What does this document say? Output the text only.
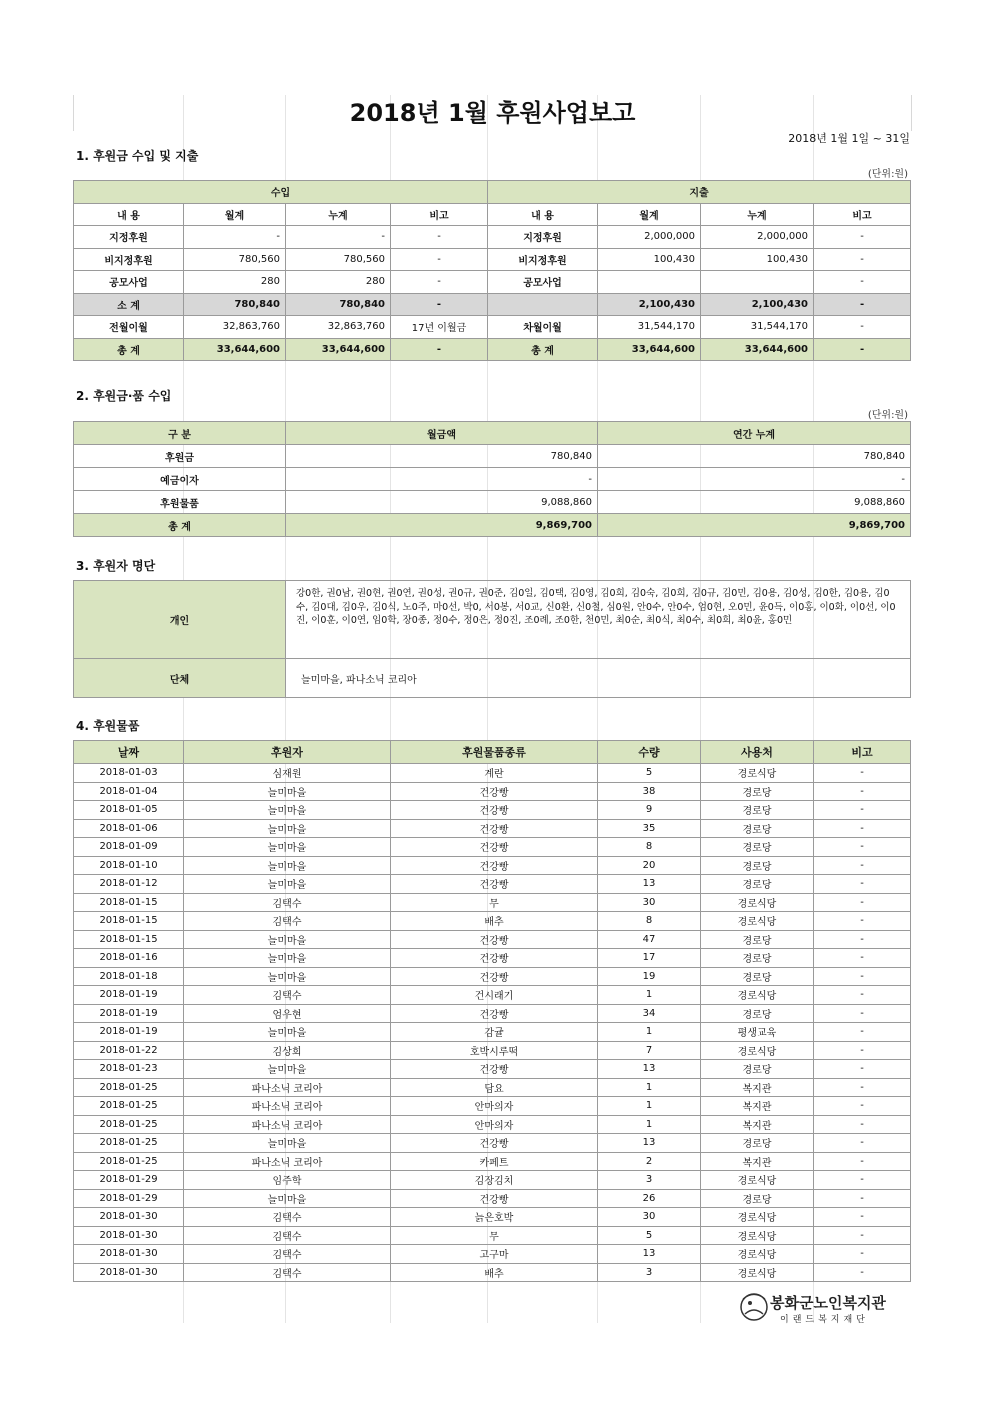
2018년 1월 후원사업보고
2018년 1월 1일 ~ 31일
1. 후원금 수입 및 지출
(단위:원)
수입				지출			
내 용	월계	누계	비고	내 용	월계	누계	비고
지정후원	-	-	-	지정후원	2,000,000	2,000,000	-
비지정후원	780,560	780,560	-	비지정후원	100,430	100,430	-
공모사업	280	280	-	공모사업			-
소 계	780,840	780,840	-		2,100,430	2,100,430	-
전월이월	32,863,760	32,863,760	17년 이월금	차월이월	31,544,170	31,544,170	-
총 계	33,644,600	33,644,600	-	총 계	33,644,600	33,644,600	-
2. 후원금·품 수입
(단위:원)
구 분	월금액	연간 누계
후원금	780,840	780,840
예금이자	-	-
후원물품	9,088,860	9,088,860
총 계	9,869,700	9,869,700
3. 후원자 명단
개인	강0한, 권0남, 권0현, 권0연, 권0성, 권0규, 권0준, 김0일, 김0택, 김0영, 김0희, 김0숙, 김0희, 김0규, 김0민, 김0용, 김0성, 김0한, 김0용, 김0수, 김0대, 김0우, 김0식, 노0주, 마0선, 박0, 서0봉, 서0교, 신0환, 신0철, 심0원, 안0수, 안0수, 엄0현, 오0민, 윤0득, 이0홍, 이0화, 이0선, 이0진, 이0훈, 이0연, 임0학, 장0종, 정0수, 정0은, 정0진, 조0례, 조0한, 천0민, 최0순, 최0식, 최0수, 최0희, 최0윤, 홍0민
단체	늘미마을, 파나소닉 코리아
4. 후원물품
날짜	후원자	후원물품종류	수량	사용처	비고
2018-01-03	심재원	계란	5	경로식당	-
2018-01-04	늘미마을	건강빵	38	경로당	-
2018-01-05	늘미마을	건강빵	9	경로당	-
2018-01-06	늘미마을	건강빵	35	경로당	-
2018-01-09	늘미마을	건강빵	8	경로당	-
2018-01-10	늘미마을	건강빵	20	경로당	-
2018-01-12	늘미마을	건강빵	13	경로당	-
2018-01-15	김택수	무	30	경로식당	-
2018-01-15	김택수	배추	8	경로식당	-
2018-01-15	늘미마을	건강빵	47	경로당	-
2018-01-16	늘미마을	건강빵	17	경로당	-
2018-01-18	늘미마을	건강빵	19	경로당	-
2018-01-19	김택수	건시래기	1	경로식당	-
2018-01-19	엄우현	건강빵	34	경로당	-
2018-01-19	늘미마을	감귤	1	평생교육	-
2018-01-22	김상희	호박시루떡	7	경로식당	-
2018-01-23	늘미마을	건강빵	13	경로당	-
2018-01-25	파나소닉 코리아	담요	1	복지관	-
2018-01-25	파나소닉 코리아	안마의자	1	복지관	-
2018-01-25	파나소닉 코리아	안마의자	1	복지관	-
2018-01-25	늘미마을	건강빵	13	경로당	-
2018-01-25	파나소닉 코리아	카페트	2	복지관	-
2018-01-29	임주학	김장김치	3	경로식당	-
2018-01-29	늘미마을	건강빵	26	경로당	-
2018-01-30	김택수	늙은호박	30	경로식당	-
2018-01-30	김택수	무	5	경로식당	-
2018-01-30	김택수	고구마	13	경로식당	-
2018-01-30	김택수	배추	3	경로식당	-
봉화군노인복지관
이랜드복지재단
